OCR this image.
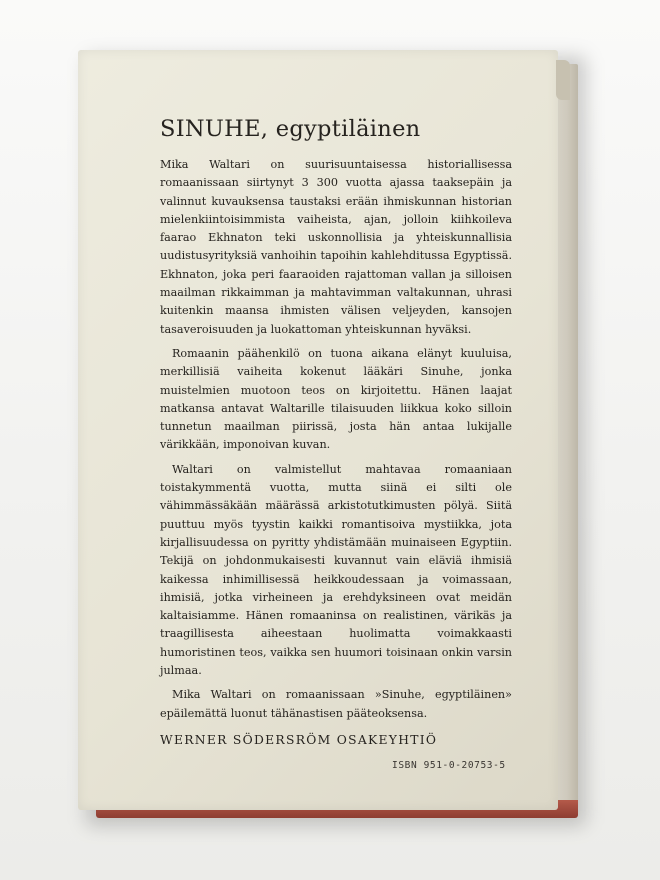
SINUHE, egyptiläinen

Mika Waltari on suurisuuntaisessa historiallisessa romaanissaan siirtynyt 3 300 vuotta ajassa taaksepäin ja valinnut kuvauksensa taustaksi erään ihmiskunnan historian mielenkiintoisimmista vaiheista, ajan, jolloin kiihkoileva faarao Ekhnaton teki uskonnollisia ja yhteiskunnallisia uudistusyrityksiä vanhoihin tapoihin kahlehditussa Egyptissä. Ekhnaton, joka peri faaraoiden rajattoman vallan ja silloisen maailman rikkaimman ja mahtavimman valtakunnan, uhrasi kuitenkin maansa ihmisten välisen veljeyden, kansojen tasaveroisuuden ja luokattoman yhteiskunnan hyväksi.

Romaanin päähenkilö on tuona aikana elänyt kuuluisa, merkillisiä vaiheita kokenut lääkäri Sinuhe, jonka muistelmien muotoon teos on kirjoitettu. Hänen laajat matkansa antavat Waltarille tilaisuuden liikkua koko silloin tunnetun maailman piirissä, josta hän antaa lukijalle värikkään, imponoivan kuvan.

Waltari on valmistellut mahtavaa romaaniaan toistakymmentä vuotta, mutta siinä ei silti ole vähimmässäkään määrässä arkistotutkimusten pölyä. Siitä puuttuu myös tyystin kaikki romantisoiva mystiikka, jota kirjallisuudessa on pyritty yhdistämään muinaiseen Egyptiin. Tekijä on johdonmukaisesti kuvannut vain eläviä ihmisiä kaikessa inhimillisessä heikkoudessaan ja voimassaan, ihmisiä, jotka virheineen ja erehdyksineen ovat meidän kaltaisiamme. Hänen romaaninsa on realistinen, värikäs ja traagillisesta aiheestaan huolimatta voimakkaasti humoristinen teos, vaikka sen huumori toisinaan onkin varsin julmaa.

Mika Waltari on romaanissaan »Sinuhe, egyptiläinen» epäilemättä luonut tähänastisen pääteoksensa.

WERNER SÖDERSRÖM OSAKEYHTIÖ
ISBN 951-0-20753-5
